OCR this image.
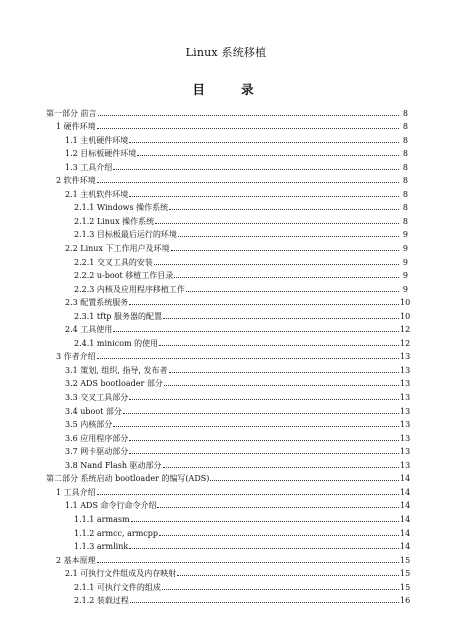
Linux 系统移植
目 录
第一部分 前言	8
1 硬件环境	8
1.1 主机硬件环境	8
1.2 目标板硬件环境	8
1.3 工具介绍	8
2 软件环境	8
2.1 主机软件环境	8
2.1.1 Windows 操作系统	8
2.1.2 Linux 操作系统	8
2.1.3 目标板最后运行的环境	9
2.2 Linux 下工作用户及环境	9
2.2.1 交叉工具的安装	9
2.2.2 u-boot 移植工作目录	9
2.2.3 内核及应用程序移植工作	9
2.3 配置系统服务	10
2.3.1 tftp 服务器的配置	10
2.4 工具使用	12
2.4.1 minicom 的使用	12
3 作者介绍	13
3.1 策划, 组织, 指导, 发布者	13
3.2 ADS bootloader 部分	13
3.3 交叉工具部分	13
3.4 uboot 部分	13
3.5 内核部分	13
3.6 应用程序部分	13
3.7 网卡驱动部分	13
3.8 Nand Flash 驱动部分	13
第二部分 系统启动 bootloader 的编写(ADS)	14
1 工具介绍	14
1.1 ADS 命令行命令介绍	14
1.1.1 armasm	14
1.1.2 armcc, armcpp	14
1.1.3 armlink	14
2 基本原理	15
2.1 可执行文件组成及内存映射	15
2.1.1 可执行文件的组成	15
2.1.2 装载过程	16
